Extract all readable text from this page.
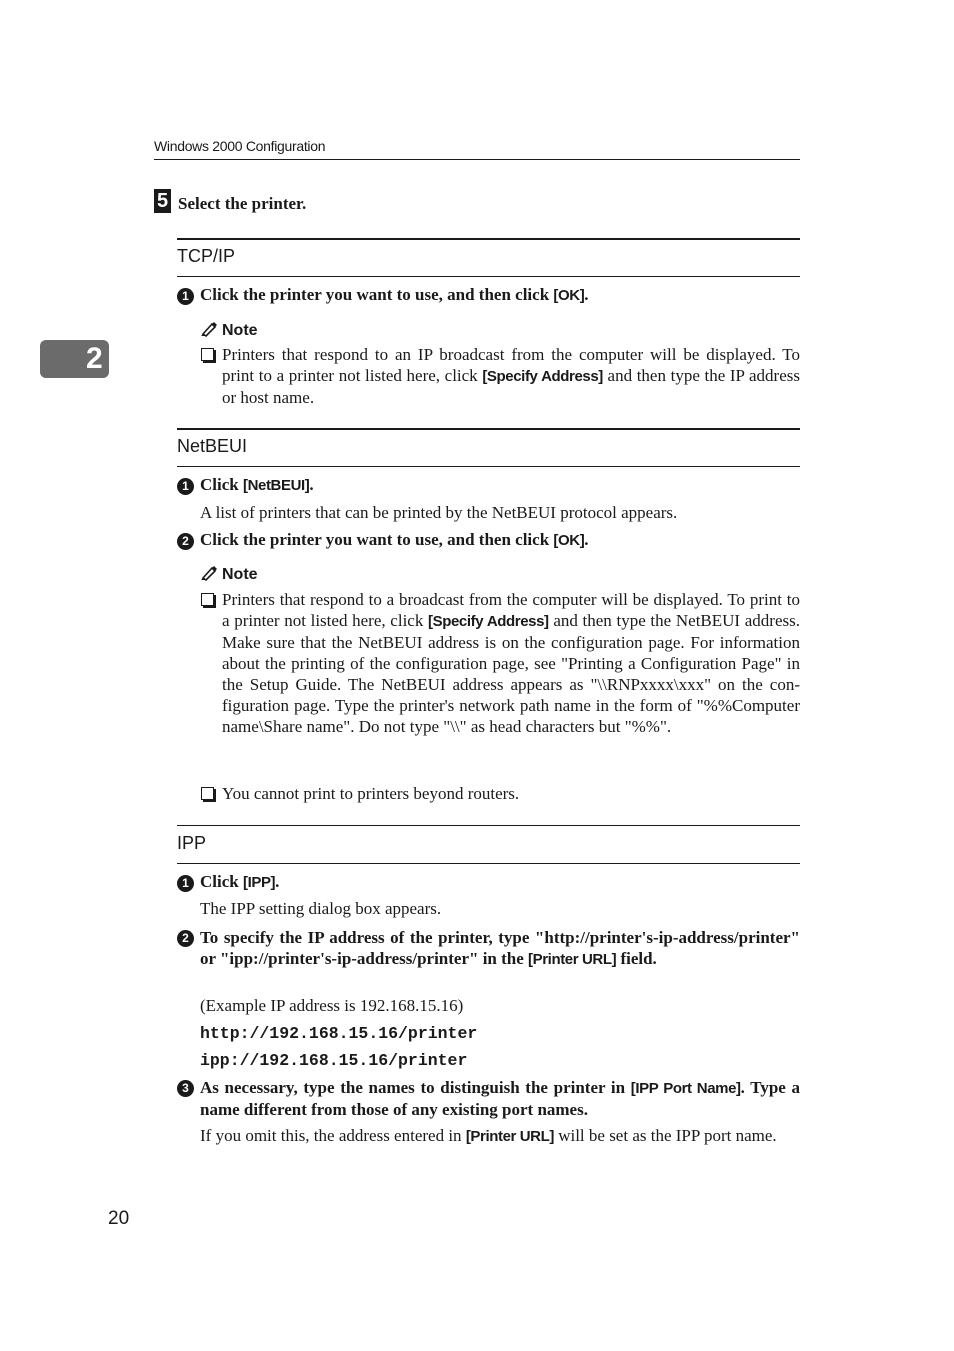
Windows 2000 Configuration
2
5 Select the printer.
TCP/IP
1 Click the printer you want to use, and then click [OK].
Note
Printers that respond to an IP broadcast from the computer will be displayed. To print to a printer not listed here, click [Specify Address] and then type the IP address or host name.
NetBEUI
1 Click [NetBEUI].
A list of printers that can be printed by the NetBEUI protocol appears.
2 Click the printer you want to use, and then click [OK].
Note
Printers that respond to a broadcast from the computer will be displayed. To print to a printer not listed here, click [Specify Address] and then type the NetBEUI address. Make sure that the NetBEUI address is on the configuration page. For information about the printing of the configuration page, see "Printing a Configuration Page" in the Setup Guide. The NetBEUI address appears as "\\RNPxxxx\xxx" on the configuration page. Type the printer's network path name in the form of "%%Computer name\Share name". Do not type "\\" as head characters but "%%".
You cannot print to printers beyond routers.
IPP
1 Click [IPP].
The IPP setting dialog box appears.
2 To specify the IP address of the printer, type "http://printer's-ip-address/printer" or "ipp://printer's-ip-address/printer" in the [Printer URL] field.
(Example IP address is 192.168.15.16)
http://192.168.15.16/printer
ipp://192.168.15.16/printer
3 As necessary, type the names to distinguish the printer in [IPP Port Name]. Type a name different from those of any existing port names.
If you omit this, the address entered in [Printer URL] will be set as the IPP port name.
20
